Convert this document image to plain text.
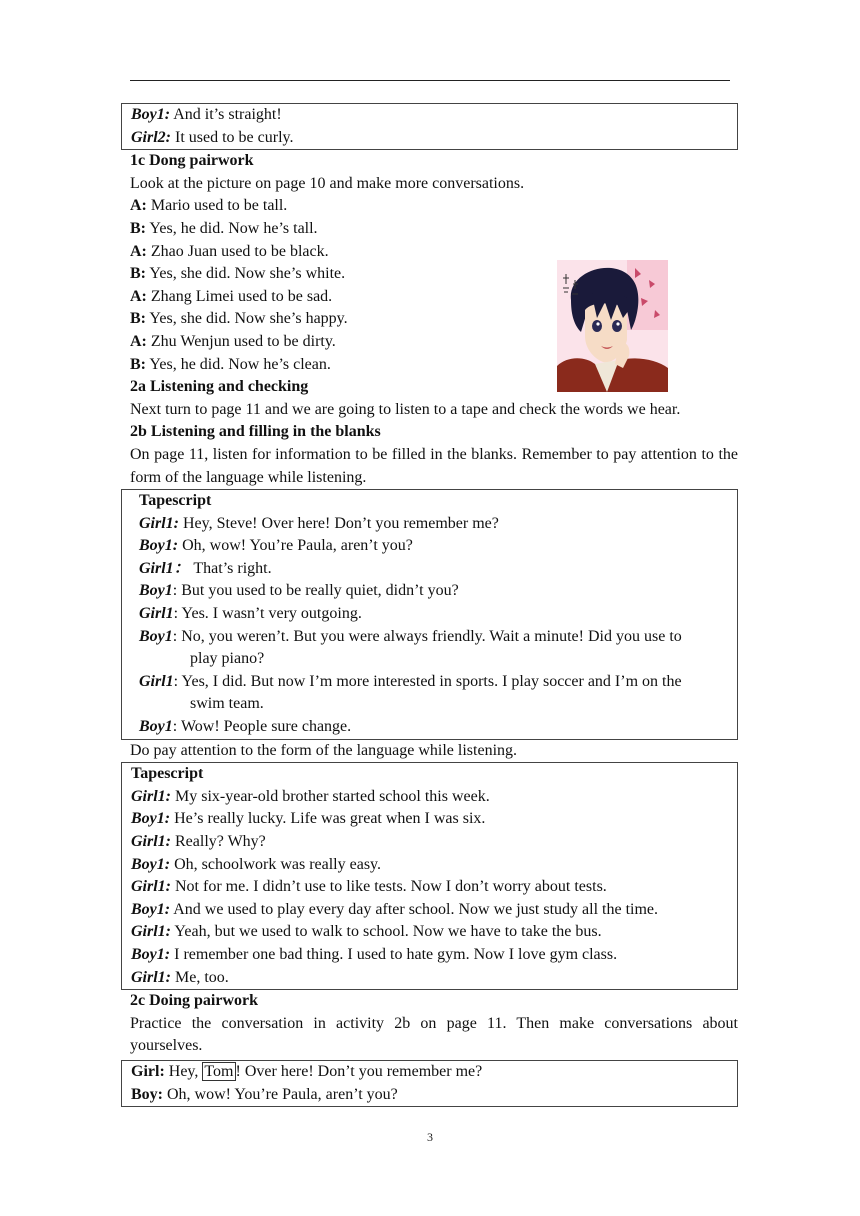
Boy1: And it’s straight!
Girl2: It used to be curly.
1c Dong pairwork
Look at the picture on page 10 and make more conversations.
A: Mario used to be tall.
B: Yes, he did. Now he’s tall.
A: Zhao Juan used to be black.
B: Yes, she did. Now she’s white.
A: Zhang Limei used to be sad.
B: Yes, she did. Now she’s happy.
A: Zhu Wenjun used to be dirty.
B: Yes, he did. Now he’s clean.
2a Listening and checking
Next turn to page 11 and we are going to listen to a tape and check the words we hear.
2b Listening and filling in the blanks
On page 11, listen for information to be filled in the blanks. Remember to pay attention to the form of the language while listening.
Tapescript
Girl1: Hey, Steve! Over here! Don’t you remember me?
Boy1: Oh, wow! You’re Paula, aren’t you?
Girl1： That’s right.
Boy1: But you used to be really quiet, didn’t you?
Girl1: Yes. I wasn’t very outgoing.
Boy1: No, you weren’t. But you were always friendly. Wait a minute! Did you use to
play piano?
Girl1: Yes, I did. But now I’m more interested in sports. I play soccer and I’m on the
swim team.
Boy1: Wow! People sure change.
Do pay attention to the form of the language while listening.
Tapescript
Girl1: My six-year-old brother started school this week.
Boy1: He’s really lucky. Life was great when I was six.
Girl1: Really? Why?
Boy1: Oh, schoolwork was really easy.
Girl1: Not for me. I didn’t use to like tests. Now I don’t worry about tests.
Boy1: And we used to play every day after school. Now we just study all the time.
Girl1: Yeah, but we used to walk to school. Now we have to take the bus.
Boy1: I remember one bad thing. I used to hate gym. Now I love gym class.
Girl1: Me, too.
2c Doing pairwork
Practice the conversation in activity 2b on page 11. Then make conversations about yourselves.
Girl: Hey, Tom ! Over here! Don’t you remember me?
Boy: Oh, wow! You’re Paula, aren’t you?
3
